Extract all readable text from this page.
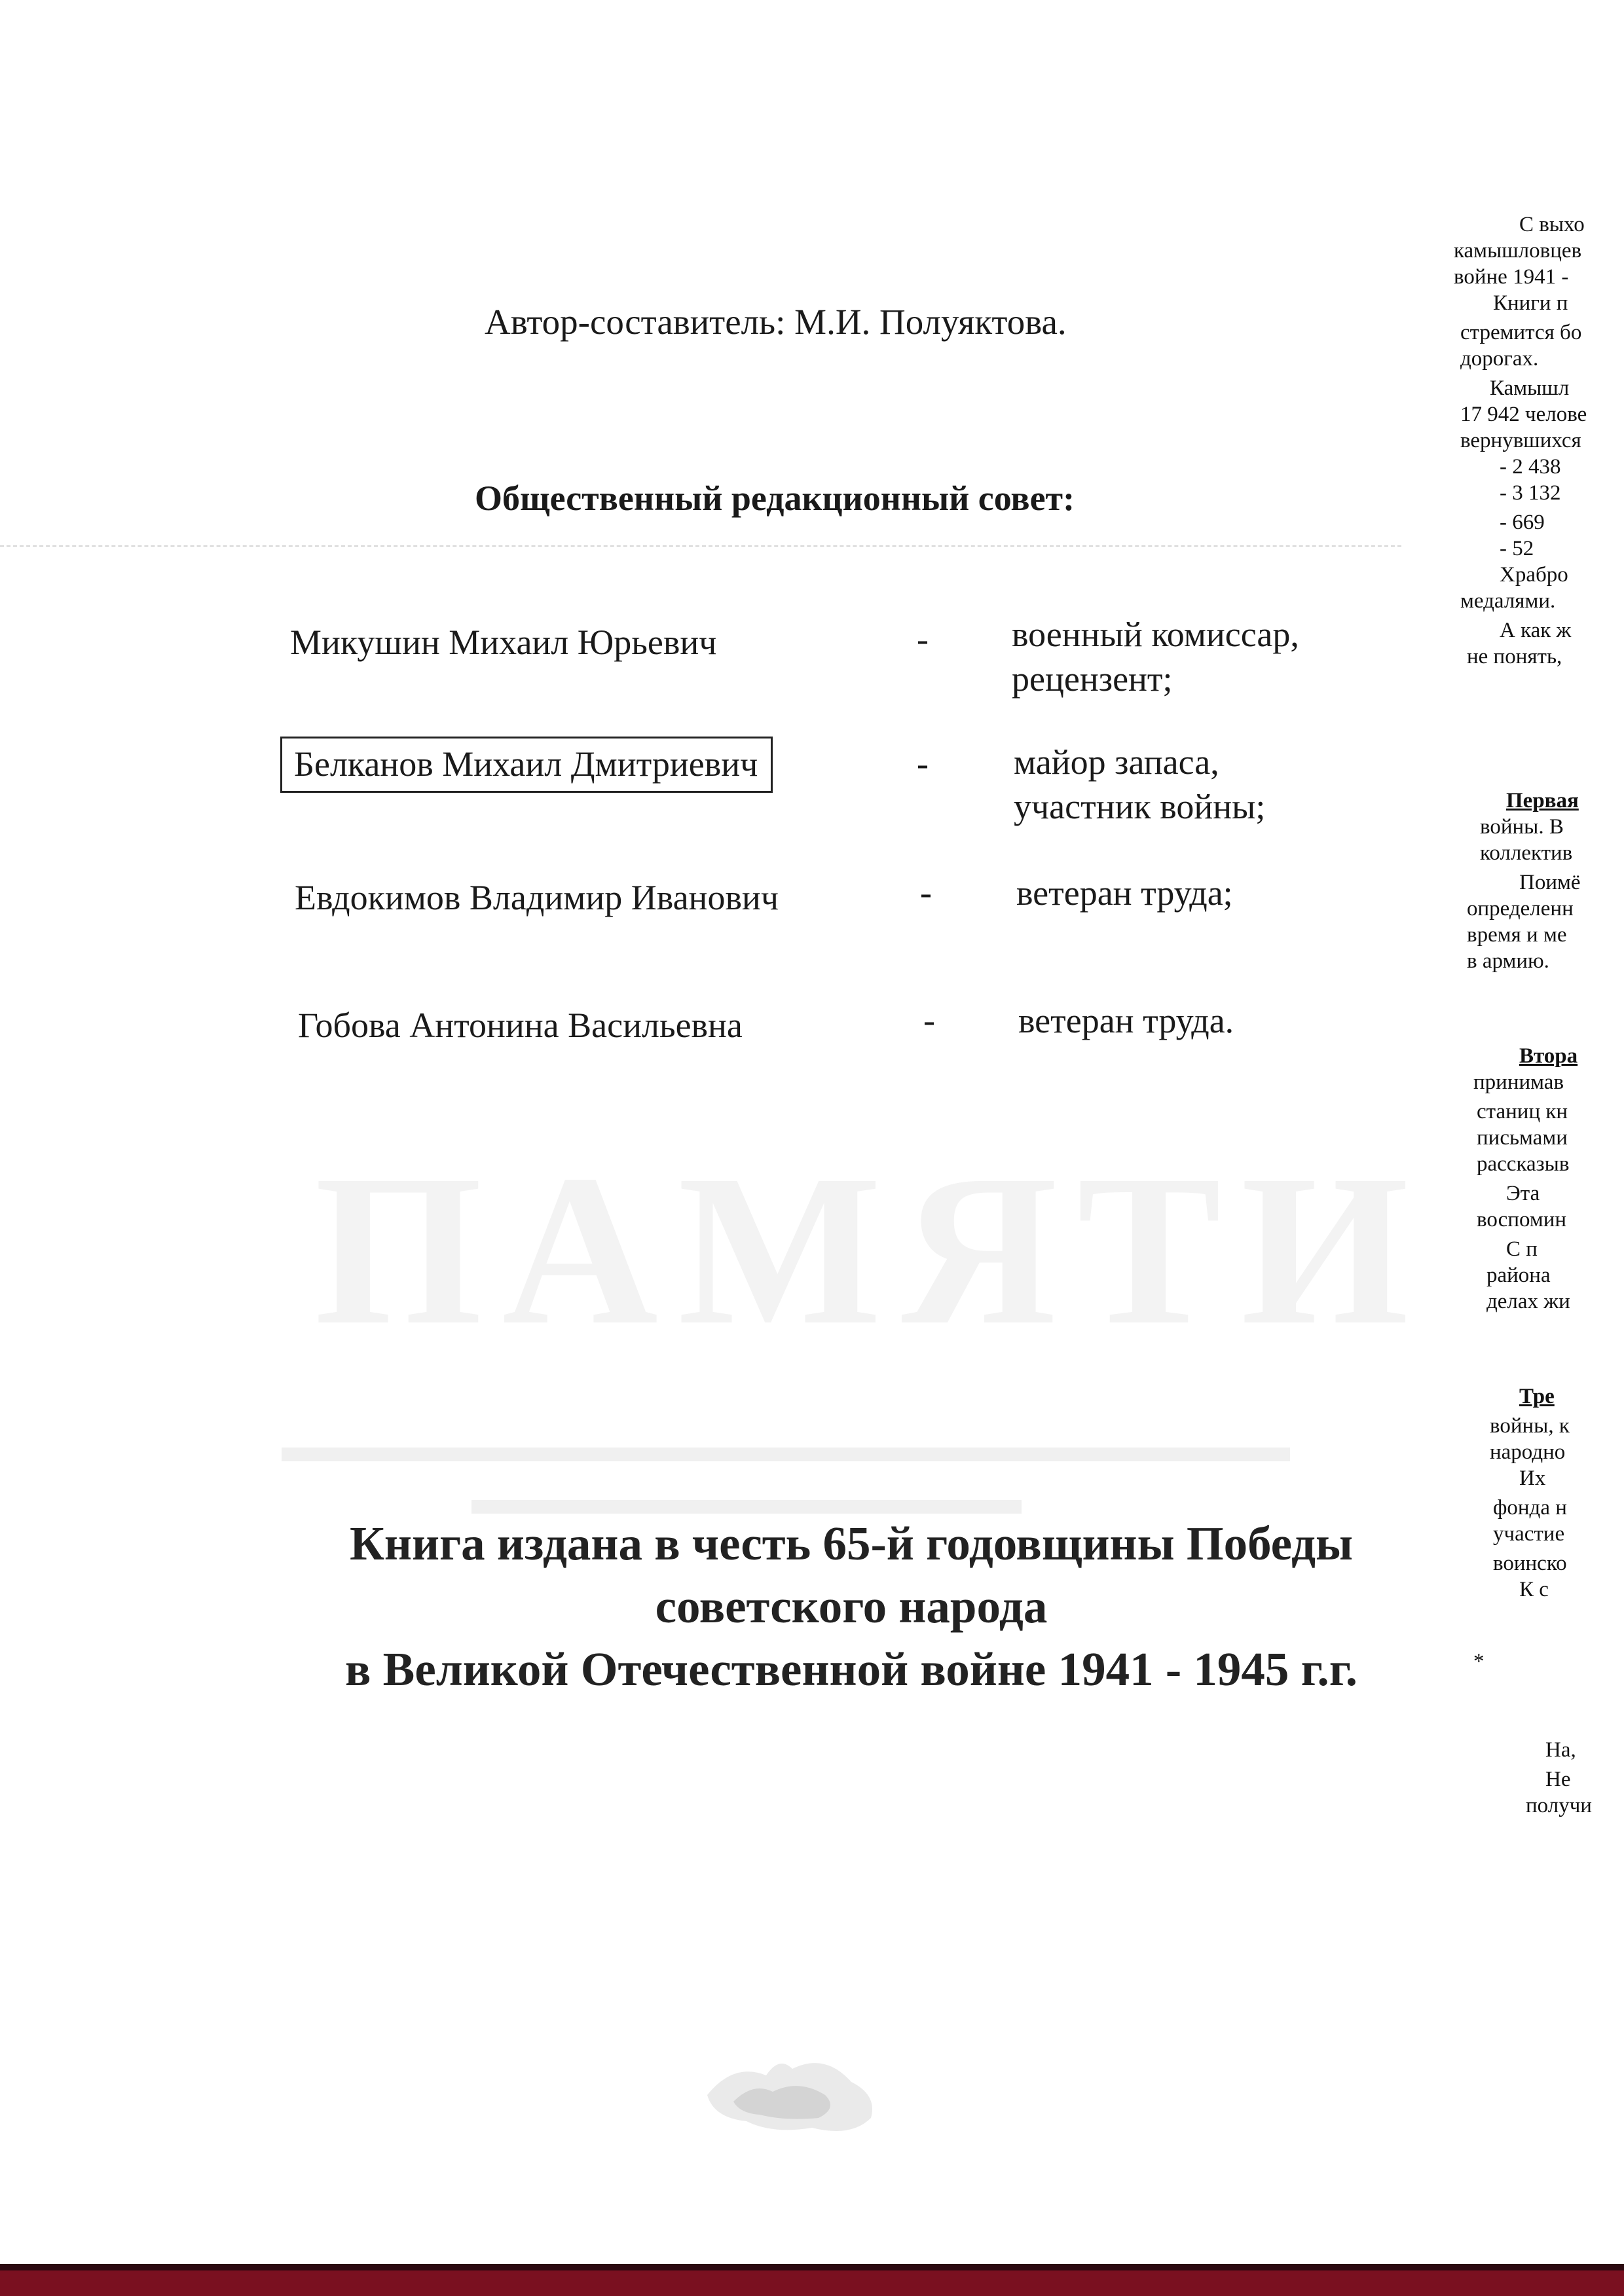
ПАМЯТИ
▬▬▬▬▬▬▬▬▬▬▬▬▬▬▬▬▬▬▬▬▬▬
▬▬▬▬▬▬▬▬▬▬▬▬
Автор-составитель: М.И. Полуяктова.
Общественный редакционный совет:
Микушин Михаил Юрьевич	- военный комиссар,
рецензент;
Белканов Михаил Дмитриевич	- майор запаса,
участник войны;
Евдокимов Владимир Иванович	- ветеран труда;
Гобова Антонина Васильевна	- ветеран труда.
Книга издана в честь 65-й годовщины Победы
советского народа
в Великой Отечественной войне 1941 - 1945 г.г.
С выхо
камышловцев
войне 1941 -
Книги п
стремится бо
дорогах.
Камышл
17 942 челове
вернувшихся
- 2 438
- 3 132
- 669
- 52
Храбро
медалями.
А как ж
не понять,
Первая
войны. В
коллектив
Поимё
определенн
время и ме
в армию.
Втора
принимав
станиц кн
письмами
рассказыв
Эта
воспомин
С п
района
делах жи
Тре
войны, к
народно
Их
фонда н
участие
воинско
К с
*
На,
Не
получи
